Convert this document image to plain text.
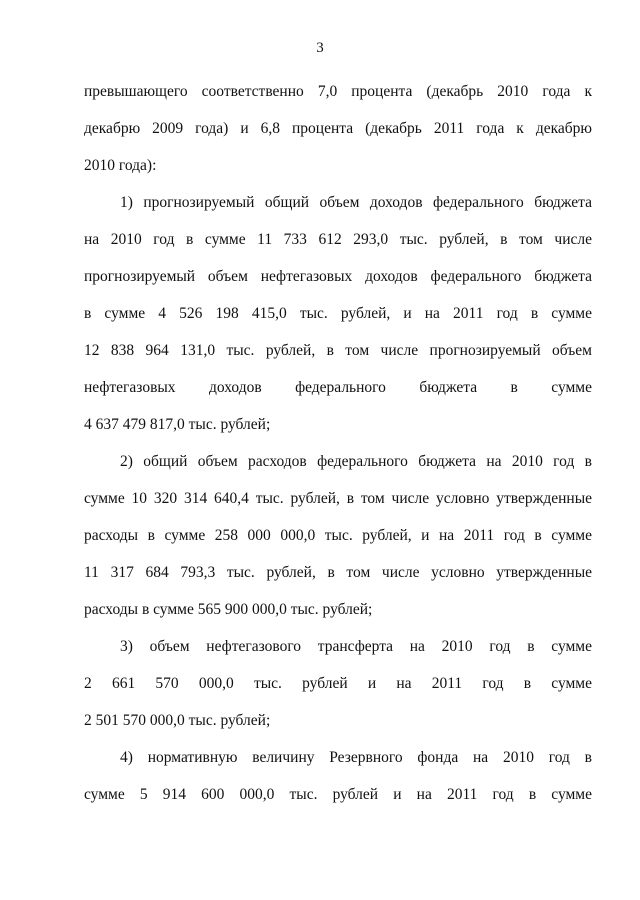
3
превышающего соответственно 7,0 процента (декабрь 2010 года к
декабрю 2009 года) и 6,8 процента (декабрь 2011 года к декабрю
2010 года):
1) прогнозируемый общий объем доходов федерального бюджета
на 2010 год в сумме 11 733 612 293,0 тыс. рублей, в том числе
прогнозируемый объем нефтегазовых доходов федерального бюджета
в сумме 4 526 198 415,0 тыс. рублей, и на 2011 год в сумме
12 838 964 131,0 тыс. рублей, в том числе прогнозируемый объем
нефтегазовых доходов федерального бюджета в сумме
4 637 479 817,0 тыс. рублей;
2) общий объем расходов федерального бюджета на 2010 год в
сумме 10 320 314 640,4 тыс. рублей, в том числе условно утвержденные
расходы в сумме 258 000 000,0 тыс. рублей, и на 2011 год в сумме
11 317 684 793,3 тыс. рублей, в том числе условно утвержденные
расходы в сумме 565 900 000,0 тыс. рублей;
3) объем нефтегазового трансферта на 2010 год в сумме
2 661 570 000,0 тыс. рублей и на 2011 год в сумме
2 501 570 000,0 тыс. рублей;
4) нормативную величину Резервного фонда на 2010 год в
сумме 5 914 600 000,0 тыс. рублей и на 2011 год в сумме
